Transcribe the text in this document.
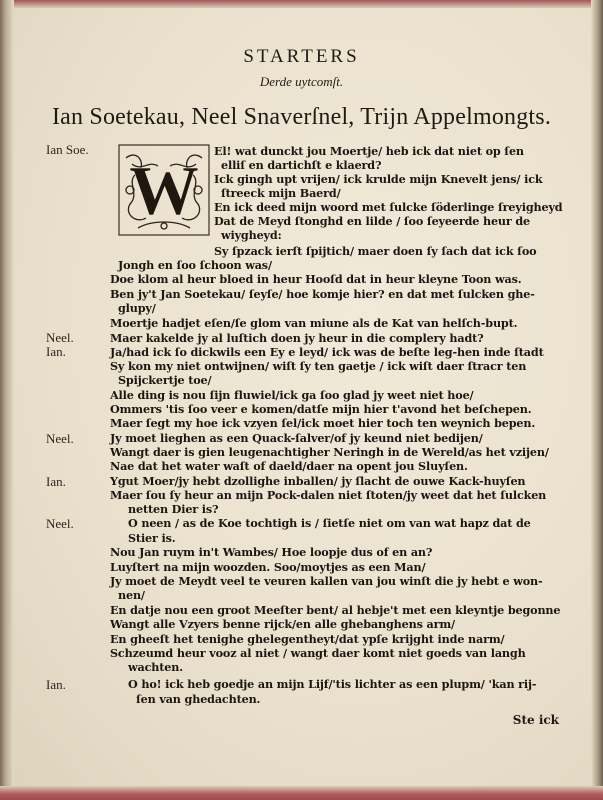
STARTERS
Derde uytcomſt.
Ian Soetekau, Neel Snaverſnel, Trijn Appelmongts.
W
Ian Soe.
Neel.
Ian.
Neel.
Ian.
Neel.
Ian.
El! wat dunckt jou Moertje/ heb ick dat niet op ſen
elliſ en dartichſt e klaerd?
Ick gingh upt vrijen/ ick krulde mijn Knevelt jens/ ick
ſtreeck mijn Baerd/
En ick deed mijn woord met ſulcke ſöderlinge ſreyigheyd
Dat de Meyd ſtonghd en lilde / ſoo ſeyeerde heur de
wiygheyd:
Sy ſpzack ierſt ſpijtich/ maer doen ſy ſach dat ick ſoo
Jongh en ſoo ſchoon was/
Doe klom al heur bloed in heur Hooſd dat in heur kleyne Toon was.
Ben jy't Jan Soetekau/ ſeyſe/ hoe komje hier? en dat met ſulcken ghe-
glupy/
Moertje hadjet eſen/ſe glom van miune als de Kat van helſch-bupt.
Maer kakelde jy al luſtich doen jy heur in die complery hadt?
Ja/had ick ſo dickwils een Ey e leyd/ ick was de beſte leg-hen inde ſtadt
Sy kon my niet ontwijnen/ wiſt ſy ten gaetje / ick wiſt daer ſtracr ten
Spijckertje toe/
Alle ding is nou ſijn fluwiel/ick ga ſoo glad jy weet niet hoe/
Ommers 'tis ſoo veer e komen/datſe mijn hier t'avond het beſchepen.
Maer ſegt my hoe ick vzyen ſel/ick moet hier toch ten weynich bepen.
Jy moet lieghen as een Quack-ſalver/of jy keund niet bedijen/
Wangt daer is gien leugenachtigher Neringh in de Wereld/as het vzijen/
Nae dat het water waſt of daeld/daer na opent jou Sluyſen.
Ygut Moer/jy hebt dzollighe inballen/ jy ſlacht de ouwe Kack-huyſen
Maer ſou ſy heur an mijn Pock-dalen niet ſtoten/jy weet dat het ſulcken
netten Dier is?
O neen / as de Koe tochtigh is / ſietſe niet om van wat hapz dat de
Stier is.
Nou Jan ruym in't Wambes/ Hoe loopje dus of en an?
Luyſtert na mijn woozden. Soo/moytjes as een Man/
Jy moet de Meydt veel te veuren kallen van jou winſt die jy hebt e won-
nen/
En datje nou een groot Meeſter bent/ al hebje't met een kleyntje begonne
Wangt alle Vzyers benne rijck/en alle ghebanghens arm/
En gheeſt het tenighe ghelegentheyt/dat ypſe krijght inde narm/
Schzeumd heur vooz al niet / wangt daer komt niet goeds van langh
wachten.
O ho! ick heb goedje an mijn Lijf/'tis lichter as een plupm/ 'kan rij-
ſen van ghedachten.
Ste ick
